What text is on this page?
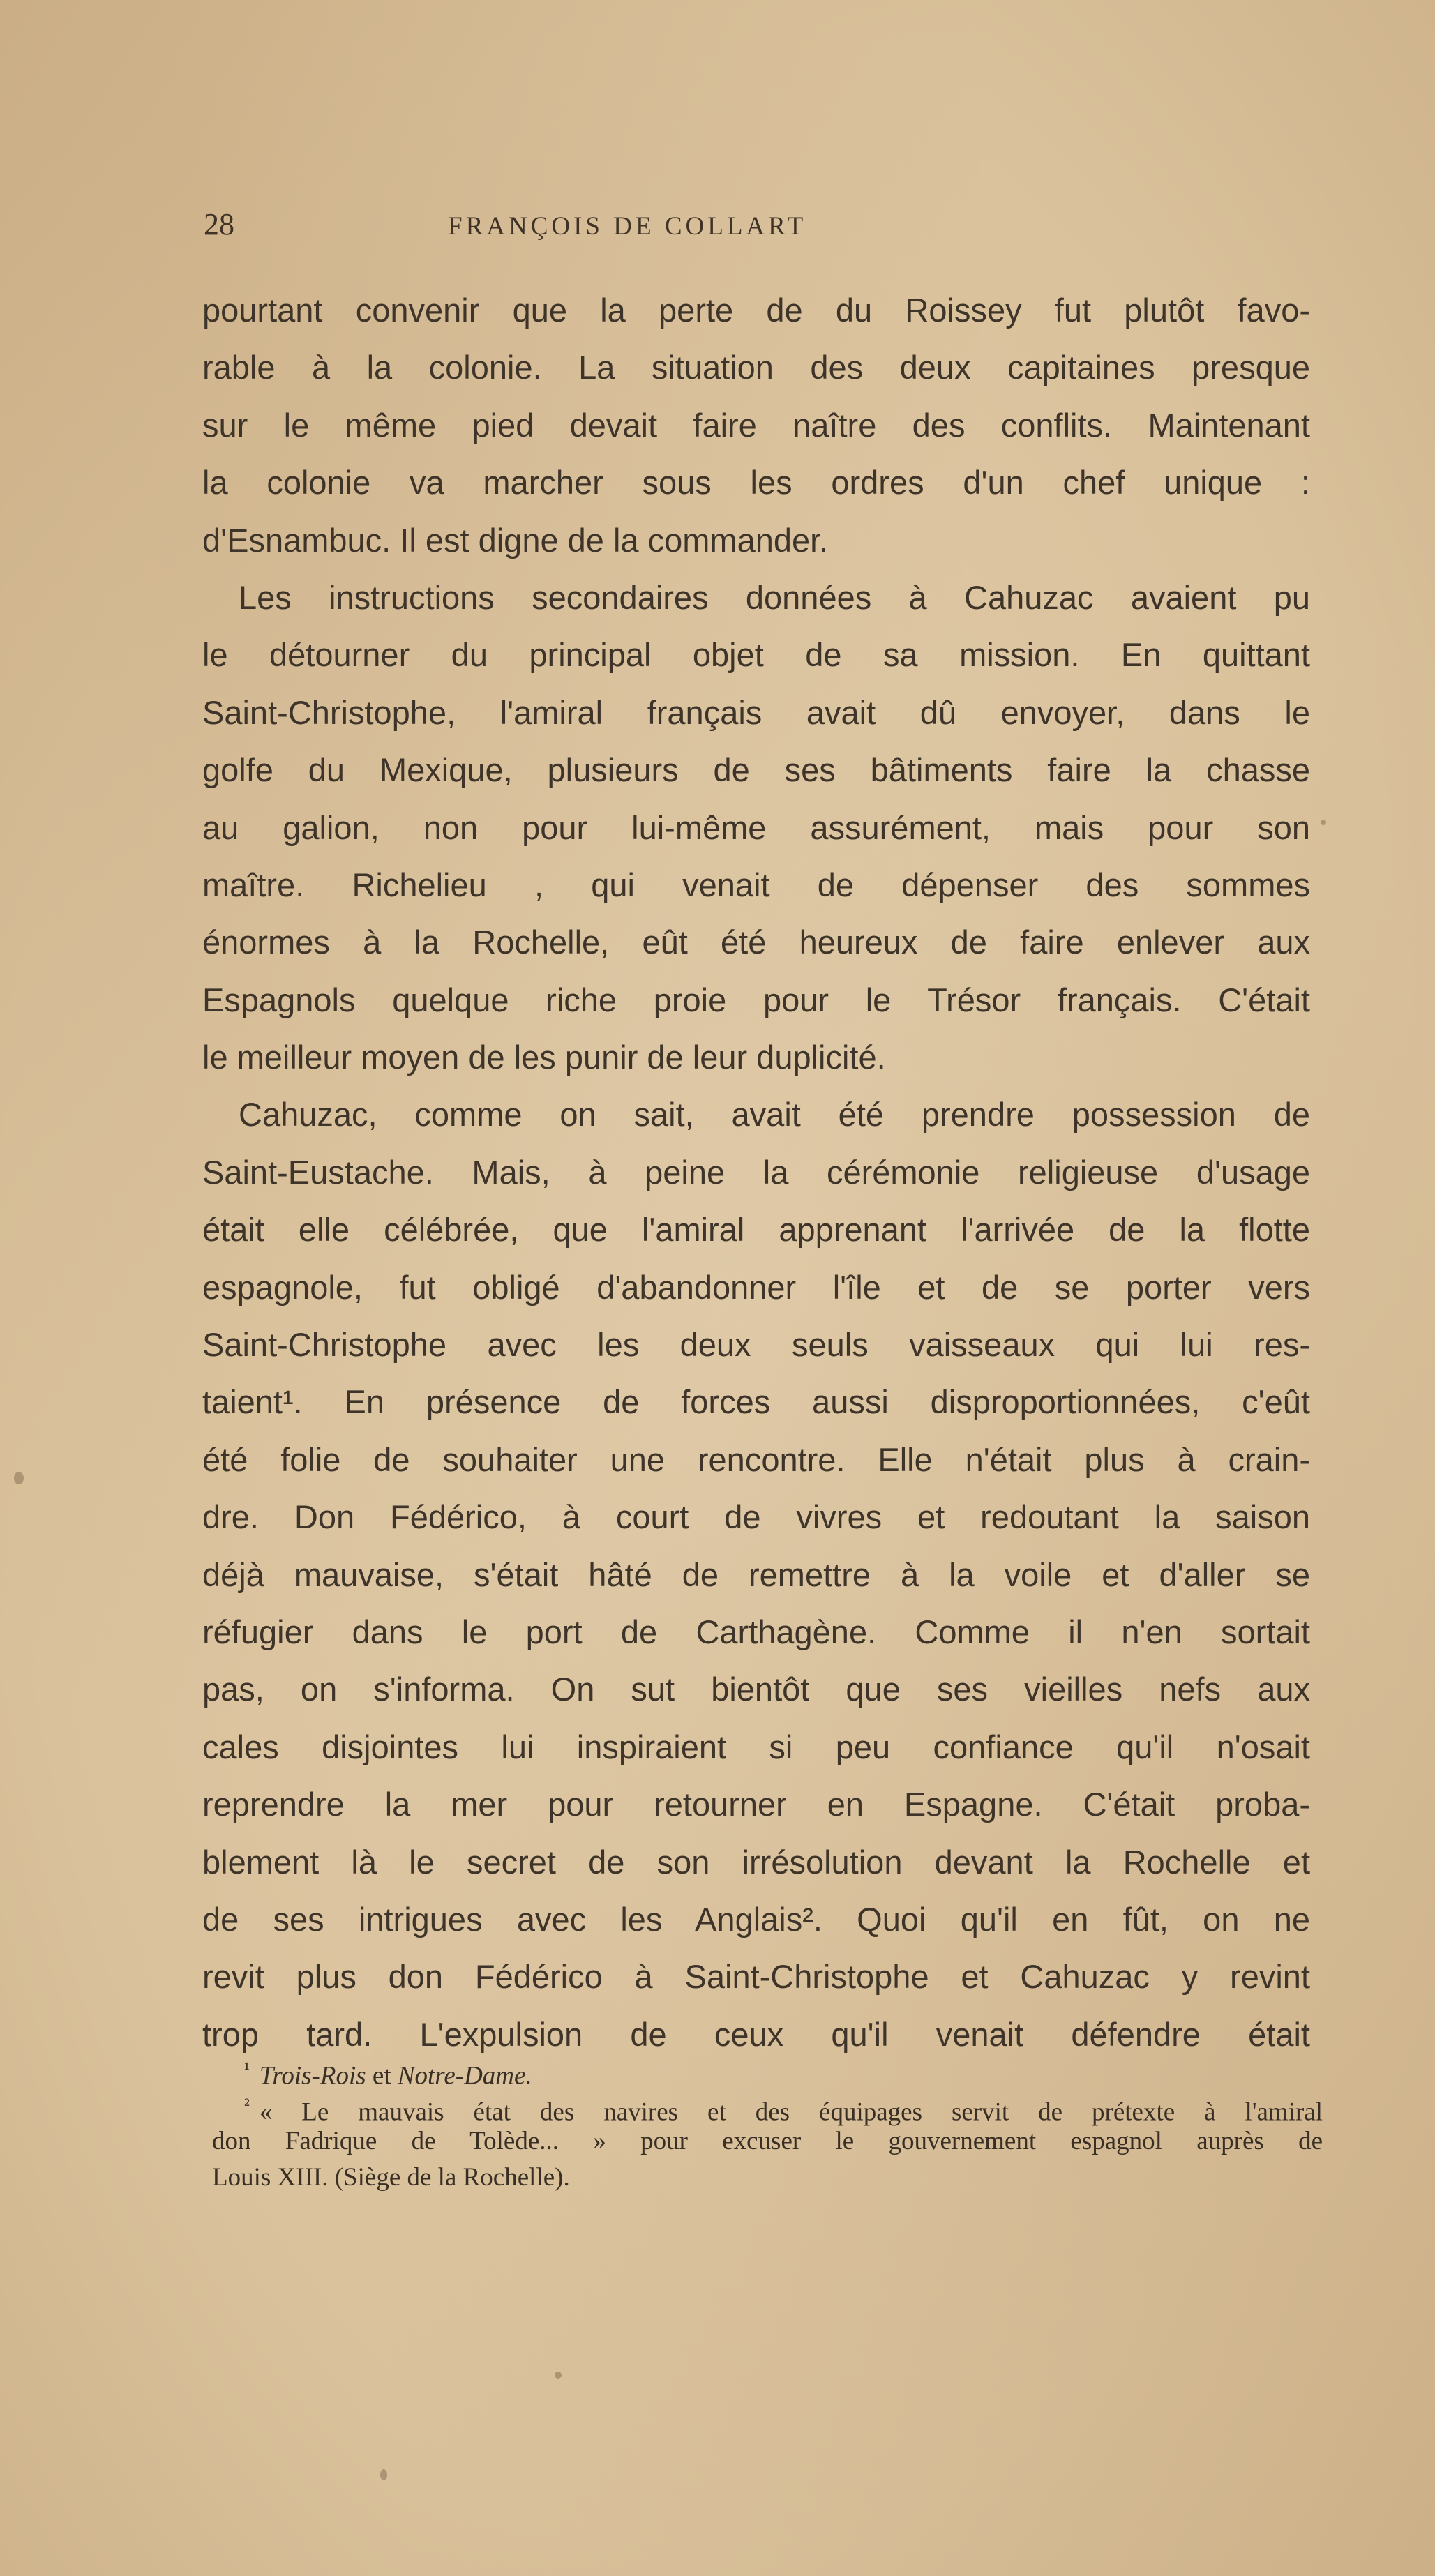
28	FRANÇOIS DE COLLART
pourtant convenir que la perte de du Roissey fut plutôt favo-
rable à la colonie. La situation des deux capitaines presque
sur le même pied devait faire naître des conflits. Maintenant
la colonie va marcher sous les ordres d'un chef unique :
d'Esnambuc. Il est digne de la commander.
Les instructions secondaires données à Cahuzac avaient pu
le détourner du principal objet de sa mission. En quittant
Saint-Christophe, l'amiral français avait dû envoyer, dans le
golfe du Mexique, plusieurs de ses bâtiments faire la chasse
au galion, non pour lui-même assurément, mais pour son
maître. Richelieu , qui venait de dépenser des sommes
énormes à la Rochelle, eût été heureux de faire enlever aux
Espagnols quelque riche proie pour le Trésor français. C'était
le meilleur moyen de les punir de leur duplicité.
Cahuzac, comme on sait, avait été prendre possession de
Saint-Eustache. Mais, à peine la cérémonie religieuse d'usage
était elle célébrée, que l'amiral apprenant l'arrivée de la flotte
espagnole, fut obligé d'abandonner l'île et de se porter vers
Saint-Christophe avec les deux seuls vaisseaux qui lui res-
taient¹. En présence de forces aussi disproportionnées, c'eût
été folie de souhaiter une rencontre. Elle n'était plus à crain-
dre. Don Fédérico, à court de vivres et redoutant la saison
déjà mauvaise, s'était hâté de remettre à la voile et d'aller se
réfugier dans le port de Carthagène. Comme il n'en sortait
pas, on s'informa. On sut bientôt que ses vieilles nefs aux
cales disjointes lui inspiraient si peu confiance qu'il n'osait
reprendre la mer pour retourner en Espagne. C'était proba-
blement là le secret de son irrésolution devant la Rochelle et
de ses intrigues avec les Anglais². Quoi qu'il en fût, on ne
revit plus don Fédérico à Saint-Christophe et Cahuzac y revint
trop tard. L'expulsion de ceux qu'il venait défendre était
$^{^1}$ Trois-Rois et Notre-Dame.
$^{^2}$ « Le mauvais état des navires et des équipages servit de prétexte à l'amiral
don Fadrique de Tolède... » pour excuser le gouvernement espagnol auprès de
Louis XIII. (Siège de la Rochelle).
